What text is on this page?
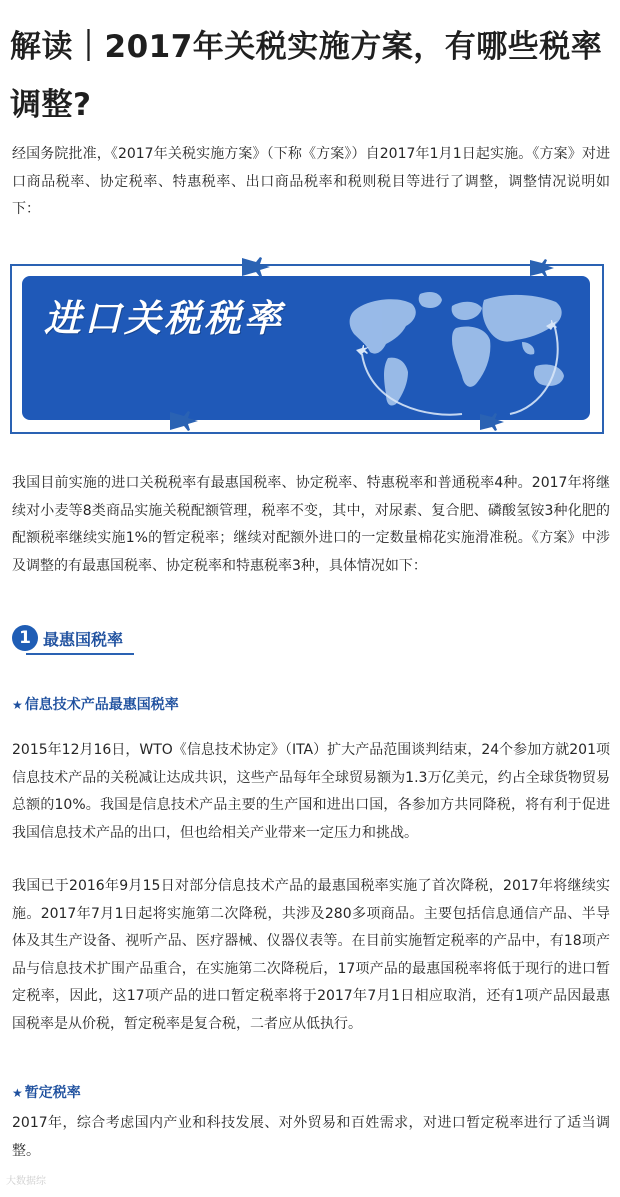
解读｜2017年关税实施方案，有哪些税率调整?

经国务院批准，《2017年关税实施方案》（下称《方案》）自2017年1月1日起实施。《方案》对进口商品税率、协定税率、特惠税率、出口商品税率和税则税目等进行了调整，调整情况说明如下：

进口关税税率

我国目前实施的进口关税税率有最惠国税率、协定税率、特惠税率和普通税率4种。2017年将继续对小麦等8类商品实施关税配额管理，税率不变，其中，对尿素、复合肥、磷酸氢铵3种化肥的配额税率继续实施1%的暂定税率；继续对配额外进口的一定数量棉花实施滑准税。《方案》中涉及调整的有最惠国税率、协定税率和特惠税率3种，具体情况如下：

1 最惠国税率
★ 信息技术产品最惠国税率

2015年12月16日，WTO《信息技术协定》（ITA）扩大产品范围谈判结束，24个参加方就201项信息技术产品的关税减让达成共识，这些产品每年全球贸易额为1.3万亿美元，约占全球货物贸易总额的10%。我国是信息技术产品主要的生产国和进出口国，各参加方共同降税，将有利于促进我国信息技术产品的出口，但也给相关产业带来一定压力和挑战。

我国已于2016年9月15日对部分信息技术产品的最惠国税率实施了首次降税，2017年将继续实施。2017年7月1日起将实施第二次降税，共涉及280多项商品。主要包括信息通信产品、半导体及其生产设备、视听产品、医疗器械、仪器仪表等。在目前实施暂定税率的产品中，有18项产品与信息技术扩围产品重合，在实施第二次降税后，17项产品的最惠国税率将低于现行的进口暂定税率，因此，这17项产品的进口暂定税率将于2017年7月1日相应取消，还有1项产品因最惠国税率是从价税，暂定税率是复合税，二者应从低执行。

★ 暂定税率

2017年，综合考虑国内产业和科技发展、对外贸易和百姓需求，对进口暂定税率进行了适当调整。

大数据综
